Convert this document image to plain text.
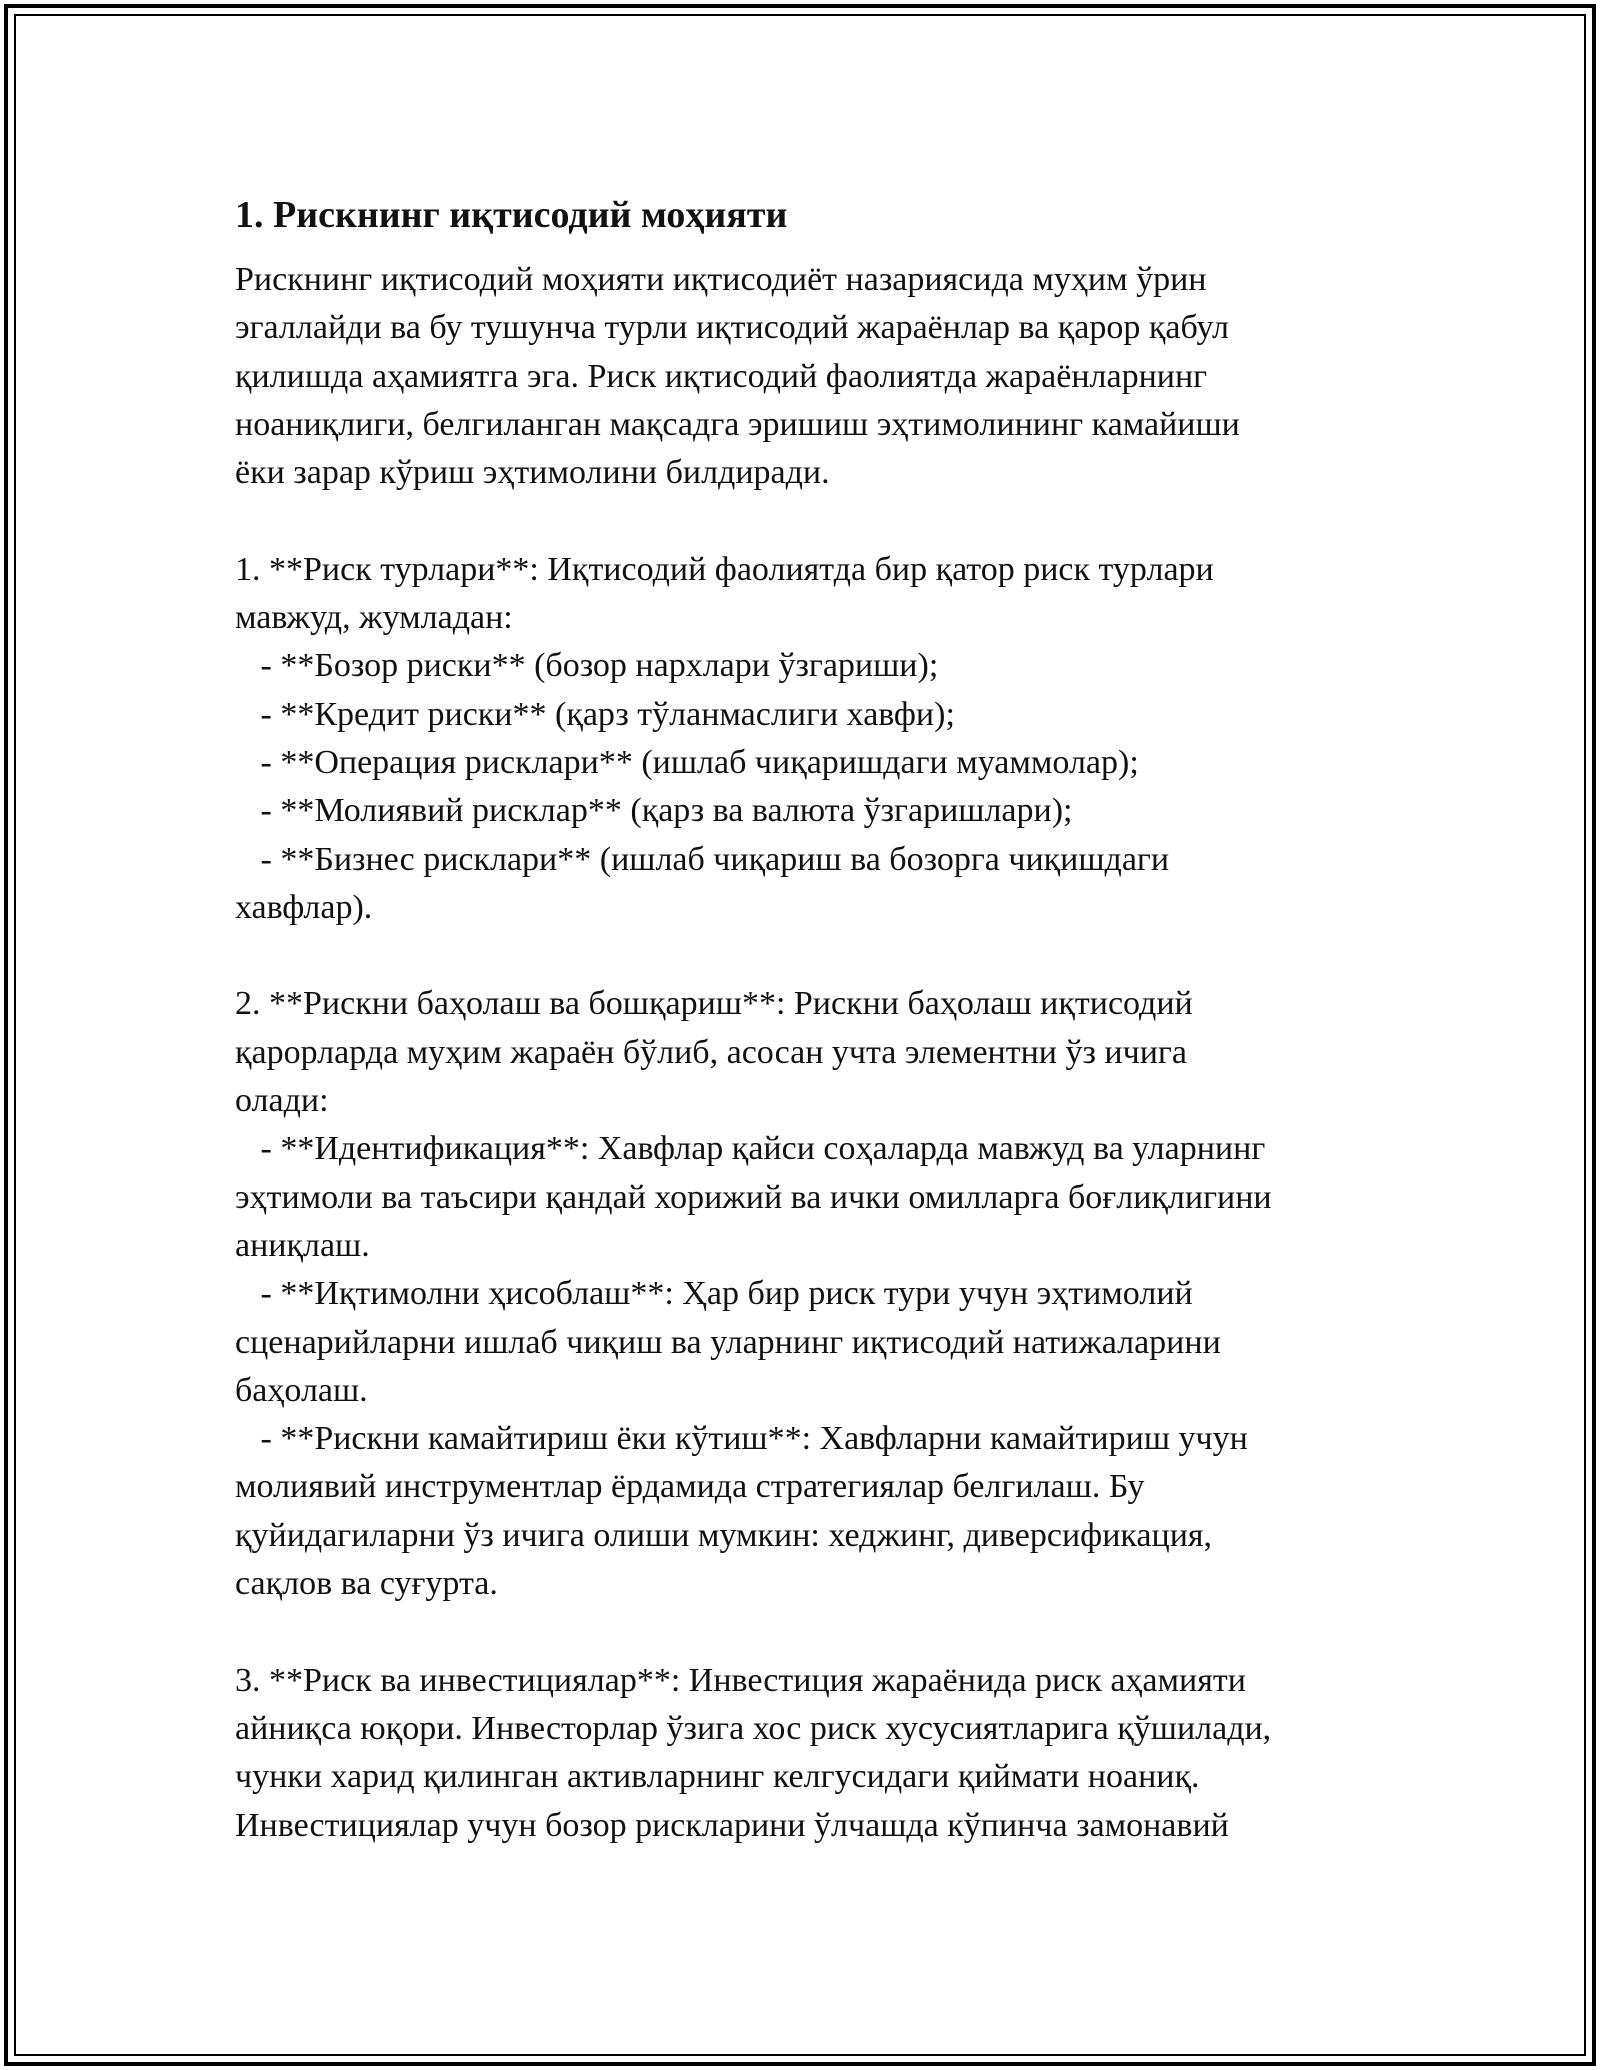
1. Рискнинг иқтисодий моҳияти
Рискнинг иқтисодий моҳияти иқтисодиёт назариясида муҳим ўрин
эгаллайди ва бу тушунча турли иқтисодий жараёнлар ва қарор қабул
қилишда аҳамиятга эга. Риск иқтисодий фаолиятда жараёнларнинг
ноаниқлиги, белгиланган мақсадга эришиш эҳтимолининг камайиши
ёки зарар кўриш эҳтимолини билдиради.
1. **Риск турлари**: Иқтисодий фаолиятда бир қатор риск турлари
мавжуд, жумладан:
- **Бозор риски** (бозор нархлари ўзгариши);
- **Кредит риски** (қарз тўланмаслиги хавфи);
- **Операция рисклари** (ишлаб чиқаришдаги муаммолар);
- **Молиявий рисклар** (қарз ва валюта ўзгаришлари);
- **Бизнес рисклари** (ишлаб чиқариш ва бозорга чиқишдаги
хавфлар).
2. **Рискни баҳолаш ва бошқариш**: Рискни баҳолаш иқтисодий
қарорларда муҳим жараён бўлиб, асосан учта элементни ўз ичига
олади:
- **Идентификация**: Хавфлар қайси соҳаларда мавжуд ва уларнинг
эҳтимоли ва таъсири қандай хорижий ва ички омилларга боғлиқлигини
аниқлаш.
- **Иқтимолни ҳисоблаш**: Ҳар бир риск тури учун эҳтимолий
сценарийларни ишлаб чиқиш ва уларнинг иқтисодий натижаларини
баҳолаш.
- **Рискни камайтириш ёки кўтиш**: Хавфларни камайтириш учун
молиявий инструментлар ёрдамида стратегиялар белгилаш. Бу
қуйидагиларни ўз ичига олиши мумкин: хеджинг, диверсификация,
сақлов ва суғурта.
3. **Риск ва инвестициялар**: Инвестиция жараёнида риск аҳамияти
айниқса юқори. Инвесторлар ўзига хос риск хусусиятларига қўшилади,
чунки харид қилинган активларнинг келгусидаги қиймати ноаниқ.
Инвестициялар учун бозор рискларини ўлчашда кўпинча замонавий
